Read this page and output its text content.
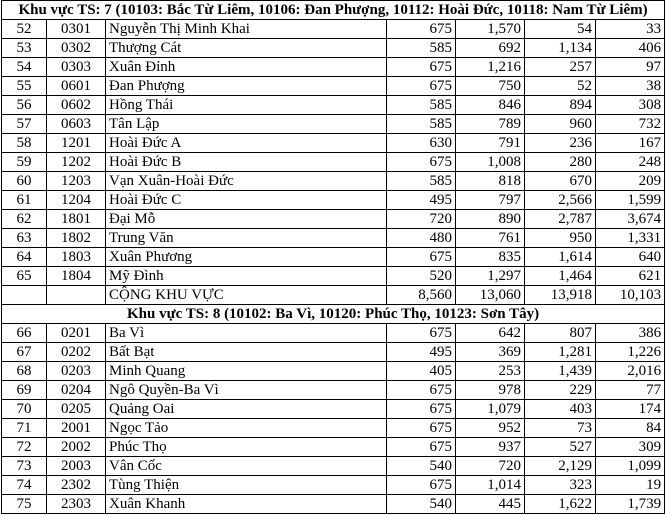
Khu vực TS: 7 (10103: Bắc Từ Liêm, 10106: Đan Phượng, 10112: Hoài Đức, 10118: Nam Từ Liêm)						
52	0301	Nguyễn Thị Minh Khai	675	1,570	54	33
53	0302	Thượng Cát	585	692	1,134	406
54	0303	Xuân Đỉnh	675	1,216	257	97
55	0601	Đan Phượng	675	750	52	38
56	0602	Hồng Thái	585	846	894	308
57	0603	Tân Lập	585	789	960	732
58	1201	Hoài Đức A	630	791	236	167
59	1202	Hoài Đức B	675	1,008	280	248
60	1203	Vạn Xuân-Hoài Đức	585	818	670	209
61	1204	Hoài Đức C	495	797	2,566	1,599
62	1801	Đại Mỗ	720	890	2,787	3,674
63	1802	Trung Văn	480	761	950	1,331
64	1803	Xuân Phương	675	835	1,614	640
65	1804	Mỹ Đình	520	1,297	1,464	621
		CỘNG KHU VỰC	8,560	13,060	13,918	10,103
Khu vực TS: 8 (10102: Ba Vì, 10120: Phúc Thọ, 10123: Sơn Tây)						
66	0201	Ba Vì	675	642	807	386
67	0202	Bất Bạt	495	369	1,281	1,226
68	0203	Minh Quang	405	253	1,439	2,016
69	0204	Ngô Quyền-Ba Vì	675	978	229	77
70	0205	Quảng Oai	675	1,079	403	174
71	2001	Ngọc Tảo	675	952	73	84
72	2002	Phúc Thọ	675	937	527	309
73	2003	Vân Cốc	540	720	2,129	1,099
74	2302	Tùng Thiện	675	1,014	323	19
75	2303	Xuân Khanh	540	445	1,622	1,739
